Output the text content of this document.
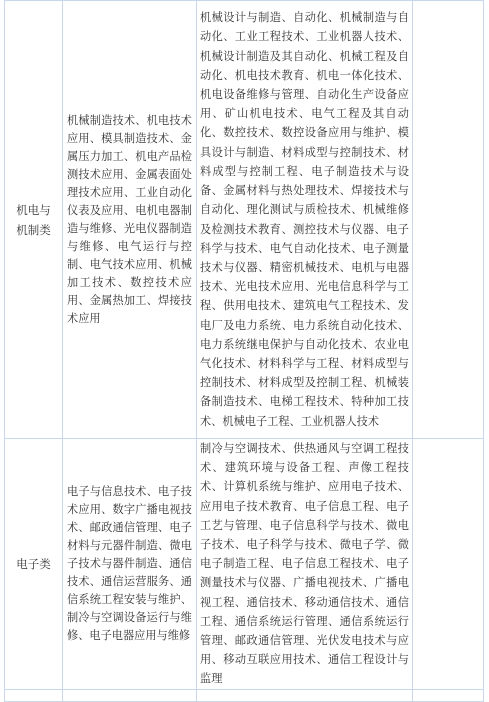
机电与机制类	机械制造技术、机电技术应用、模具制造技术、金属压力加工、机电产品检测技术应用、金属表面处理技术应用、工业自动化仪表及应用、电机电器制造与维修、光电仪器制造与维修、电气运行与控制、电气技术应用、机械加工技术、数控技术应用、金属热加工、焊接技术应用	机械设计与制造、自动化、机械制造与自动化、工业工程技术、工业机器人技术、机械设计制造及其自动化、机械工程及自动化、机电技术教育、机电一体化技术、机电设备维修与管理、自动化生产设备应用、矿山机电技术、电气工程及其自动化、数控技术、数控设备应用与维护、模具设计与制造、材料成型与控制技术、材料成型与控制工程、电子制造技术与设备、金属材料与热处理技术、焊接技术与自动化、理化测试与质检技术、机械维修及检测技术教育、测控技术与仪器、电子科学与技术、电气自动化技术、电子测量技术与仪器、精密机械技术、电机与电器技术、光电技术应用、光电信息科学与工程、供用电技术、建筑电气工程技术、发电厂及电力系统、电力系统自动化技术、电力系统继电保护与自动化技术、农业电气化技术、材料科学与工程、材料成型与控制技术、材料成型及控制工程、机械装备制造技术、电梯工程技术、特种加工技术、机械电子工程、工业机器人技术	
电子类	电子与信息技术、电子技术应用、数字广播电视技术、邮政通信管理、电子材料与元器件制造、微电子技术与器件制造、通信技术、通信运营服务、通信系统工程安装与维护、制冷与空调设备运行与维修、电子电器应用与维修	制冷与空调技术、供热通风与空调工程技术、建筑环境与设备工程、声像工程技术、计算机系统与维护、应用电子技术、应用电子技术教育、电子信息工程、电子工艺与管理、电子信息科学与技术、微电子技术、电子科学与技术、微电子学、微电子制造工程、电子信息工程技术、电子测量技术与仪器、广播电视技术、广播电视工程、通信技术、移动通信技术、通信工程、通信系统运行管理、通信系统运行管理、邮政通信管理、光伏发电技术与应用、移动互联应用技术、通信工程设计与监理	
